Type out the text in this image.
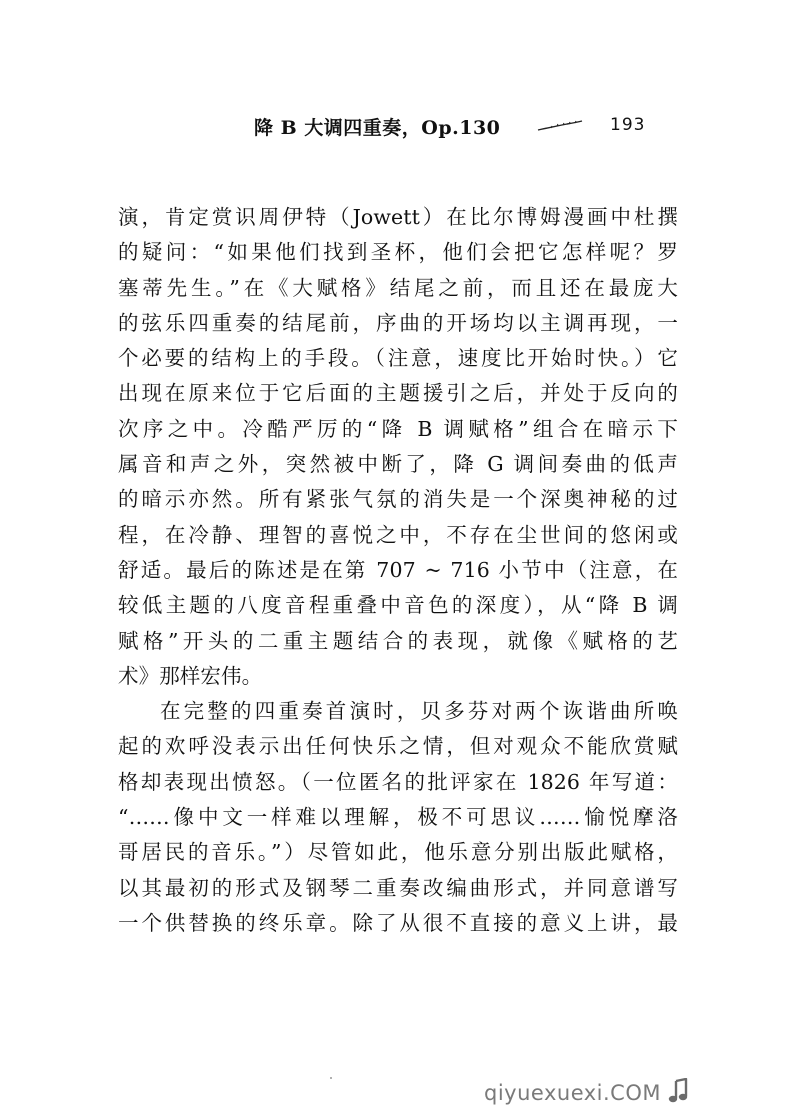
降 B 大调四重奏，Op.130	193
演，肯定赏识周伊特（Jowett）在比尔博姆漫画中杜撰
的疑问：“如果他们找到圣杯，他们会把它怎样呢？罗
塞蒂先生。”在《大赋格》结尾之前，而且还在最庞大
的弦乐四重奏的结尾前，序曲的开场均以主调再现，一
个必要的结构上的手段。（注意，速度比开始时快。）它
出现在原来位于它后面的主题援引之后，并处于反向的
次序之中。冷酷严厉的“降 B 调赋格”组合在暗示下
属音和声之外，突然被中断了，降 G 调间奏曲的低声
的暗示亦然。所有紧张气氛的消失是一个深奥神秘的过
程，在冷静、理智的喜悦之中，不存在尘世间的悠闲或
舒适。最后的陈述是在第 707 ~ 716 小节中（注意，在
较低主题的八度音程重叠中音色的深度），从“降 B 调
赋格”开头的二重主题结合的表现，就像《赋格的艺
术》那样宏伟。
在完整的四重奏首演时，贝多芬对两个诙谐曲所唤
起的欢呼没表示出任何快乐之情，但对观众不能欣赏赋
格却表现出愤怒。（一位匿名的批评家在 1826 年写道：
“……像中文一样难以理解，极不可思议……愉悦摩洛
哥居民的音乐。”）尽管如此，他乐意分别出版此赋格，
以其最初的形式及钢琴二重奏改编曲形式，并同意谱写
一个供替换的终乐章。除了从很不直接的意义上讲，最
qiyuexuexi.COM
